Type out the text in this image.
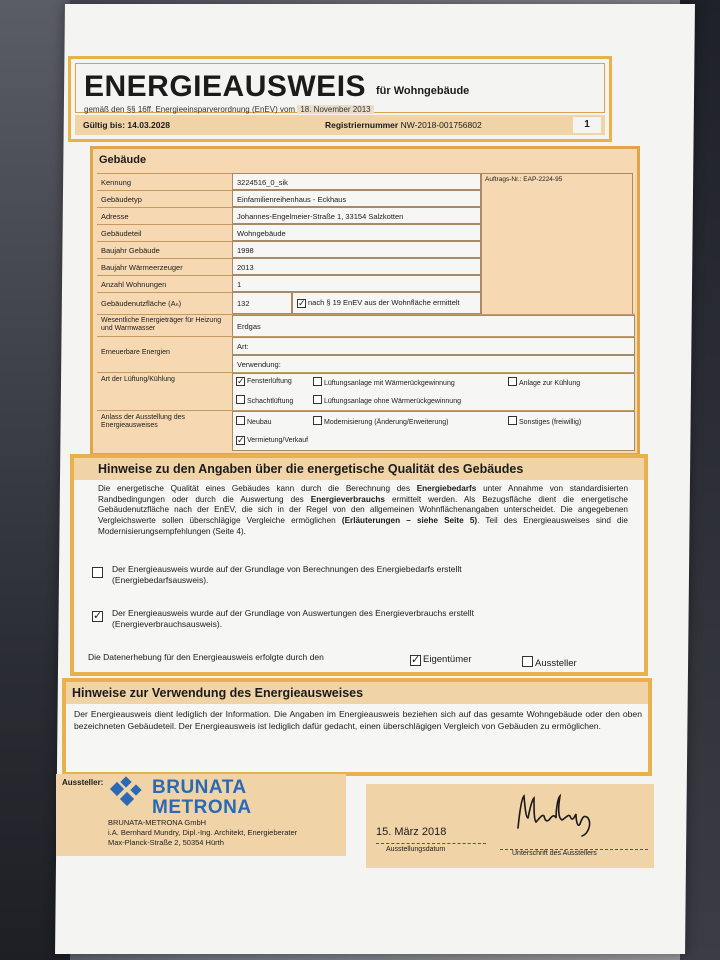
ENERGIEAUSWEIS für Wohngebäude
gemäß den §§ 16ff. Energieeinsparverordnung (EnEV) vom 18. November 2013
Gültig bis: 14.03.2028	Registriernummer NW-2018-001756802	1
Gebäude
Kennung	3224516_0_sik
Gebäudetyp	Einfamilienreihenhaus - Eckhaus
Adresse	Johannes-Engelmeier-Straße 1, 33154 Salzkotten
Gebäudeteil	Wohngebäude
Baujahr Gebäude	1998
Baujahr Wärmeerzeuger	2013
Anzahl Wohnungen	1
Gebäudenutzfläche (Aₙ)	132	✓ nach § 19 EnEV aus der Wohnfläche ermittelt
Auftrags-Nr.: EAP-2224-95
Wesentliche Energieträger für Heizung und Warmwasser	Erdgas
Erneuerbare Energien
Art:
Verwendung:
Art der Lüftung/Kühlung	✓ Fensterlüftung	Lüftungsanlage mit Wärmerückgewinnung	Anlage zur Kühlung
Schachtlüftung	Lüftungsanlage ohne Wärmerückgewinnung
Anlass der Ausstellung des Energieausweises	Neubau	Modernisierung (Änderung/Erweiterung)	Sonstiges (freiwillig)
✓ Vermietung/Verkauf
Hinweise zu den Angaben über die energetische Qualität des Gebäudes
Die energetische Qualität eines Gebäudes kann durch die Berechnung des Energiebedarfs unter Annahme von standardisierten Randbedingungen oder durch die Auswertung des Energieverbrauchs ermittelt werden. Als Bezugsfläche dient die energetische Gebäudenutzfläche nach der EnEV, die sich in der Regel von den allgemeinen Wohnflächenangaben unterscheidet. Die angegebenen Vergleichswerte sollen überschlägige Vergleiche ermöglichen (Erläuterungen – siehe Seite 5). Teil des Energieausweises sind die Modernisierungsempfehlungen (Seite 4).
Der Energieausweis wurde auf der Grundlage von Berechnungen des Energiebedarfs erstellt (Energiebedarfsausweis).
✓ Der Energieausweis wurde auf der Grundlage von Auswertungen des Energieverbrauchs erstellt (Energieverbrauchsausweis).
Die Datenerhebung für den Energieausweis erfolgte durch den	✓ Eigentümer	Aussteller
Hinweise zur Verwendung des Energieausweises
Der Energieausweis dient lediglich der Information. Die Angaben im Energieausweis beziehen sich auf das gesamte Wohngebäude oder den oben bezeichneten Gebäudeteil. Der Energieausweis ist lediglich dafür gedacht, einen überschlägigen Vergleich von Gebäuden zu ermöglichen.
Aussteller:	BRUNATA
METRONA
BRUNATA-METRONA GmbH
i.A. Bernhard Mundry, Dipl.-Ing. Architekt, Energieberater
Max-Planck-Straße 2, 50354 Hürth
15. März 2018
Ausstellungsdatum
Unterschrift des Ausstellers
